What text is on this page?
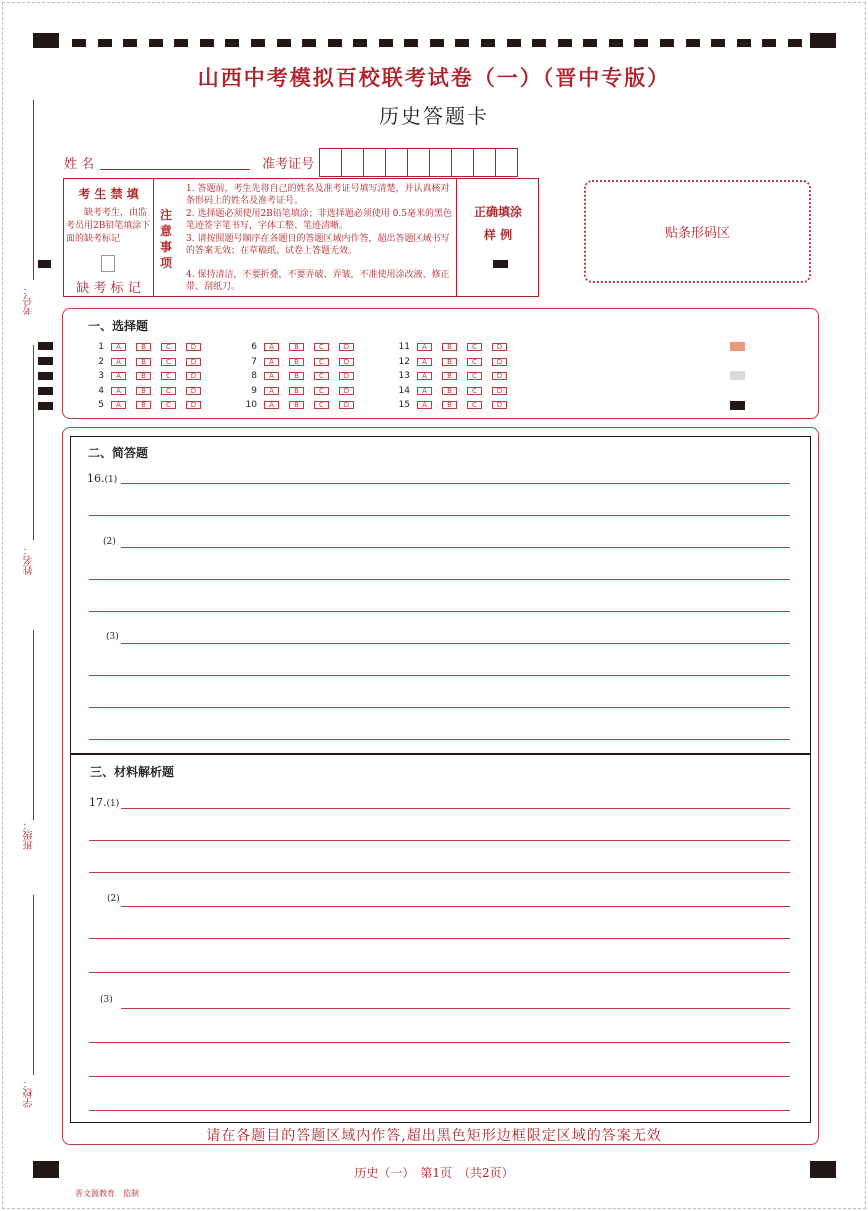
山西中考模拟百校联考试卷（一）（晋中专版）
历史答题卡
姓 名	准考证号
考 生 禁 填
缺考考生，由监考员用2B铅笔填涂下面的缺考标记
缺 考 标 记
注 意 事 项
1. 答题前，考生先将自己的姓名及准考证号填写清楚，并认真核对条形码上的姓名及准考证号。
2. 选择题必须使用2B铅笔填涂；非选择题必须使用 0.5毫米的黑色笔迹签字笔书写，字体工整、笔迹清晰。
3. 请按照题号顺序在各题目的答题区域内作答，超出答题区域书写的答案无效；在草稿纸、试卷上答题无效。
4. 保持清洁，不要折叠，不要弄破、弄皱，不准使用涂改液、修正带、刮纸刀。
正确填涂
样 例	贴条形码区
考号：
姓名：
班级：
学校：
一、选择题
1	A	B	C	D
2	A	B	C	D
3	A	B	C	D
4	A	B	C	D
5	A	B	C	D
6	A	B	C	D
7	A	B	C	D
8	A	B	C	D
9	A	B	C	D
10	A	B	C	D
11	A	B	C	D
12	A	B	C	D
13	A	B	C	D
14	A	B	C	D
15	A	B	C	D
二、简答题
16.(1)
(2)
(3)
三、材料解析题
17.(1)
(2)
(3)
请在各题目的答题区域内作答,超出黑色矩形边框限定区域的答案无效
历史（一）　第1页　（共2页）
晋文源教育　监制
